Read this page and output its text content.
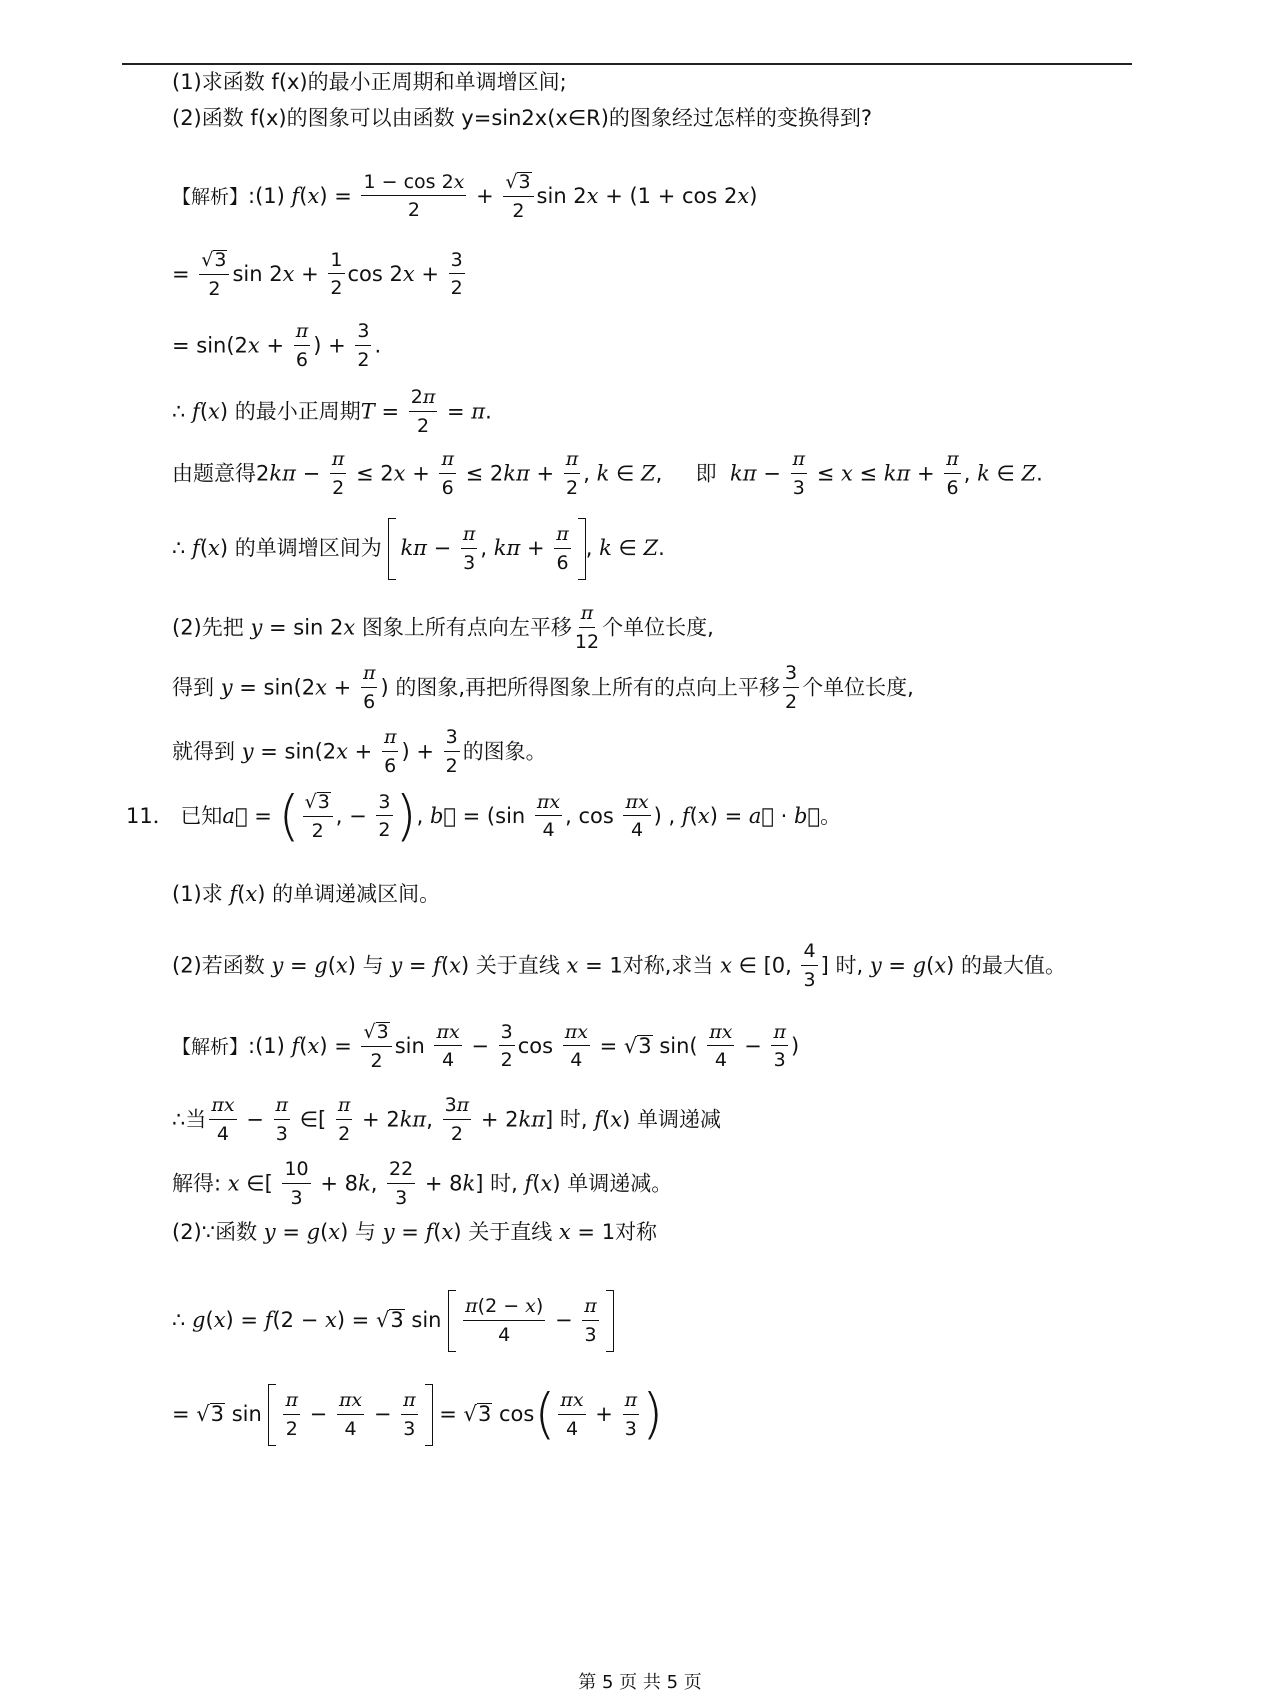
(1)求函数 f(x)的最小正周期和单调增区间;
(2)函数 f(x)的图象可以由函数 y=sin2x(x∈R)的图象经过怎样的变换得到?
【解析】:(1) $f(x) = \frac{1 - \cos 2x}{2} + \frac{√3}{2}$ sin 2x + (1 + cos 2x)
= $\frac{√3}{2}$ $\sin 2x + \frac{1}{2}$ $\cos 2x + \frac{3}{2}$
= $\sin(2x + \frac{\pi}{6}$ ) + $\frac{3}{2}$ .
∴ f(x) 的最小正周期$T = \frac{2\pi}{2} = \pi$.
由题意得$2k\pi - \frac{\pi}{2} \le 2x + \frac{\pi}{6} \le 2k\pi + \frac{\pi}{2}$ , k ∈ Z,     即 $k\pi - \frac{\pi}{3} \le x \le k\pi + \frac{\pi}{6}$ , k ∈ Z.
∴ f(x) 的单调增区间为 $k\pi - \frac{\pi}{3}$ , $k\pi + \frac{\pi}{6}$ , k ∈ Z.
(2)先把 y = sin 2x 图象上所有点向左平移 $\frac{\pi}{12}$ 个单位长度,
得到 $y = \sin(2x + \frac{\pi}{6}$ ) 的图象,再把所得图象上所有的点向上平移 $\frac{3}{2}$ 个单位长度,
就得到 $y = \sin(2x + \frac{\pi}{6}$ ) + $\frac{3}{2}$ 的图象。
11． 已知a⃗ = ( $\frac{√3}{2}$ , − $\frac{3}{2}$ ), b⃗ = ($\sin \frac{\pi x}{4}$ , $\cos \frac{\pi x}{4}$ ) , f(x) = a⃗ · b⃗。
(1)求 f(x) 的单调递减区间。
(2)若函数 y = g(x) 与 y = f(x) 关于直线 x = 1对称,求当 x ∈ [0, $\frac{4}{3}$ ] 时, y = g(x) 的最大值。
【解析】:(1) $f(x) = \frac{√3}{2}$ $\sin \frac{\pi x}{4} - \frac{3}{2}$ $\cos \frac{\pi x}{4} = √3$ $\sin( \frac{\pi x}{4} - \frac{\pi}{3}$ )
∴当 $\frac{\pi x}{4} - \frac{\pi}{3}$ ∈[ $\frac{\pi}{2} + 2k\pi$, $\frac{3\pi}{2} + 2k\pi$] 时, f(x) 单调递减
解得: x ∈[ $\frac{10}{3} + 8k$, $\frac{22}{3} + 8k$] 时, f(x) 单调递减。
(2)∵函数 y = g(x) 与 y = f(x) 关于直线 x = 1对称
∴ g(x) = f(2 − x) = √3 $\sin \frac{\pi(2 - x)}{4} - \frac{\pi}{3}$
= √3 $\sin \frac{\pi}{2} - \frac{\pi x}{4} - \frac{\pi}{3} = √3$ $\cos( \frac{\pi x}{4} + \frac{\pi}{3}$ )
第 5 页 共 5 页
